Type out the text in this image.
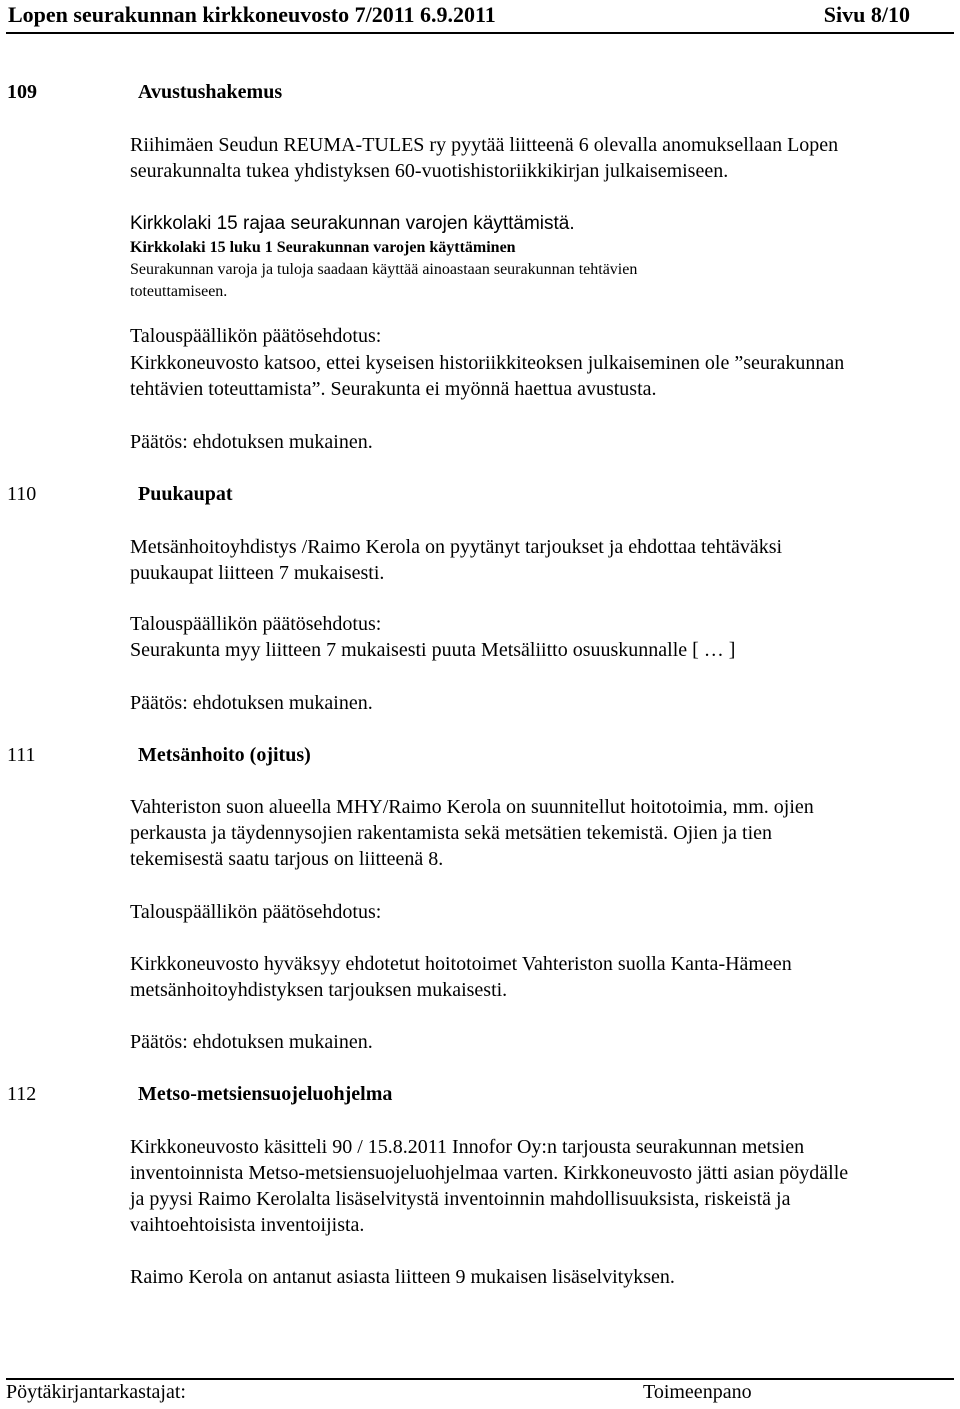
Lopen seurakunnan kirkkoneuvosto 7/2011 6.9.2011	Sivu 8/10
109	Avustushakemus
Riihimäen Seudun REUMA-TULES ry pyytää liitteenä 6 olevalla anomuksellaan Lopen
seurakunnalta tukea yhdistyksen 60-vuotishistoriikkikirjan julkaisemiseen.
Kirkkolaki 15 rajaa seurakunnan varojen käyttämistä.
Kirkkolaki 15 luku 1 Seurakunnan varojen käyttäminen
Seurakunnan varoja ja tuloja saadaan käyttää ainoastaan seurakunnan tehtävien
toteuttamiseen.
Talouspäällikön päätösehdotus:
Kirkkoneuvosto katsoo, ettei kyseisen historiikkiteoksen julkaiseminen ole ”seurakunnan
tehtävien toteuttamista”. Seurakunta ei myönnä haettua avustusta.
Päätös: ehdotuksen mukainen.
110	Puukaupat
Metsänhoitoyhdistys /Raimo Kerola on pyytänyt tarjoukset ja ehdottaa tehtäväksi
puukaupat liitteen 7 mukaisesti.
Talouspäällikön päätösehdotus:
Seurakunta myy liitteen 7 mukaisesti puuta Metsäliitto osuuskunnalle [ … ]
Päätös: ehdotuksen mukainen.
111	Metsänhoito (ojitus)
Vahteriston suon alueella MHY/Raimo Kerola on suunnitellut hoitotoimia, mm. ojien
perkausta ja täydennysojien rakentamista sekä metsätien tekemistä. Ojien ja tien
tekemisestä saatu tarjous on liitteenä 8.
Talouspäällikön päätösehdotus:
Kirkkoneuvosto hyväksyy ehdotetut hoitotoimet Vahteriston suolla Kanta-Hämeen
metsänhoitoyhdistyksen tarjouksen mukaisesti.
Päätös: ehdotuksen mukainen.
112	Metso-metsiensuojeluohjelma
Kirkkoneuvosto käsitteli 90 / 15.8.2011 Innofor Oy:n tarjousta seurakunnan metsien
inventoinnista Metso-metsiensuojeluohjelmaa varten. Kirkkoneuvosto jätti asian pöydälle
ja pyysi Raimo Kerolalta lisäselvitystä inventoinnin mahdollisuuksista, riskeistä ja
vaihtoehtoisista inventoijista.
Raimo Kerola on antanut asiasta liitteen 9 mukaisen lisäselvityksen.
Pöytäkirjantarkastajat:	Toimeenpano
